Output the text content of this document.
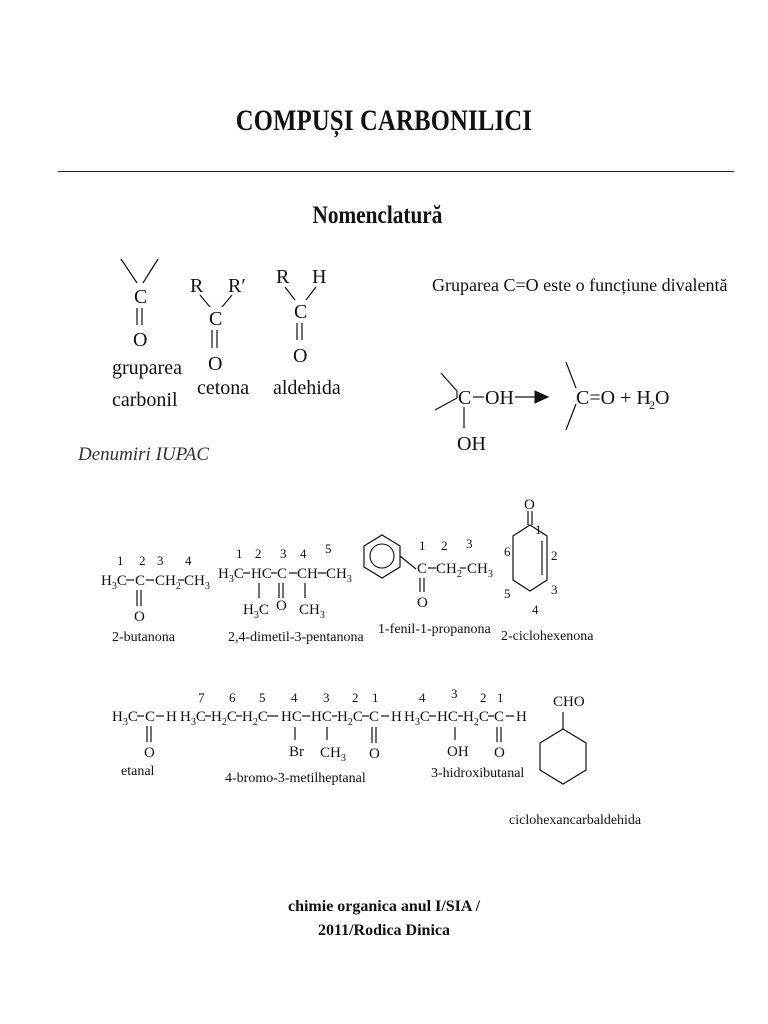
COMPUȘI CARBONILICI
Nomenclatură
Denumiri IUPAC
chimie organica anul I/SIA /
2011/Rodica Dinica
C
O
gruparea
carbonil
R R′
C
O
cetona
R H
C
O
aldehida
Gruparea C=O este o funcțiune divalentă
C OH
OH
C=O + H
2 O
1 2 3 4
$H_3C$ C $CH_2$ $CH_3$
O
2-butanona
1 2 3 4 5
$H_3C$ HC C CH $CH_3$
$H_3C$ O $CH_3$
2,4-dimetil-3-pentanona
1 2 3
C $CH_2$ $CH_3$
O
1-fenil-1-propanona
O
1
2
3
4
5
6
2-ciclohexenona
$H_3C$ C H
O
etanal
7 6 5 4 3 2 1
$H_3C$ $H_2C$ $H_2C$ HC HC $H_2C$ C H
Br $CH_3$ O
4-bromo-3-metilheptanal
4 3 2 1
$H_3C$ HC $H_2C$ C H
OH O
3-hidroxibutanal
CHO
ciclohexancarbaldehida
